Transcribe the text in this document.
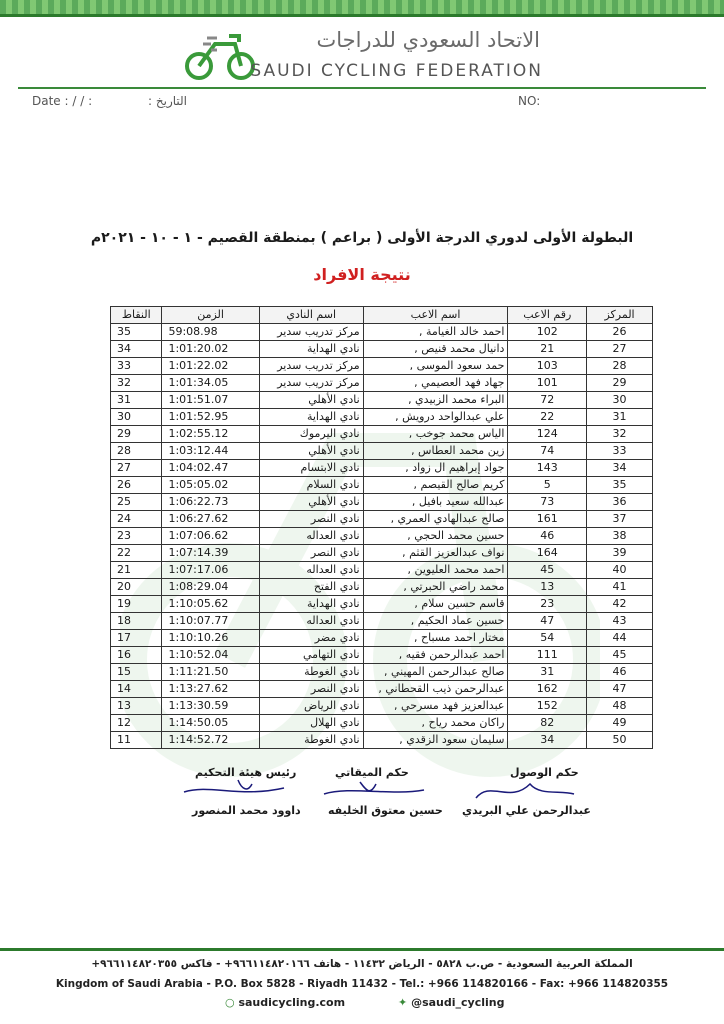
الاتحاد السعودي للدراجات
SAUDI CYCLING FEDERATION
Date : / / :	التاريخ :	NO:
البطولة الأولى لدوري الدرجة الأولى ( براعم ) بمنطقة القصيم - ١ - ١٠ - ٢٠٢١م
نتيجة الافراد
النقاط	الزمن	اسم النادي	اسم الاعب	رقم الاعب	المركز
35	59:08.98	مركز تدريب سدير	احمد خالد الغيامة ,	102	26
34	1:01:20.02	نادي الهداية	دانيال محمد قنيص ,	21	27
33	1:01:22.02	مركز تدريب سدير	حمد سعود الموسى ,	103	28
32	1:01:34.05	مركز تدريب سدير	جهاد فهد العصيمي ,	101	29
31	1:01:51.07	نادي الأهلي	البراء محمد الزبيدي ,	72	30
30	1:01:52.95	نادي الهداية	علي عبدالواحد درويش ,	22	31
29	1:02:55.12	نادي اليرموك	الياس محمد جوخب ,	124	32
28	1:03:12.44	نادي الأهلي	زين محمد العطاس ,	74	33
27	1:04:02.47	نادي الابتسام	جواد إبراهيم ال زواد ,	143	34
26	1:05:05.02	نادي السلام	كريم صالح القيصم ,	5	35
25	1:06:22.73	نادي الأهلي	عبدالله سعيد بافيل ,	73	36
24	1:06:27.62	نادي النصر	صالح عبدالهادي العمري ,	161	37
23	1:07:06.62	نادي العداله	حسين محمد الحجي ,	46	38
22	1:07:14.39	نادي النصر	نواف عبدالعزيز القثم ,	164	39
21	1:07:17.06	نادي العداله	احمد محمد العليوين ,	45	40
20	1:08:29.04	نادي الفتح	محمد راضي الحبرتي ,	13	41
19	1:10:05.62	نادي الهداية	قاسم حسين سلام ,	23	42
18	1:10:07.77	نادي العداله	حسين عماد الحكيم ,	47	43
17	1:10:10.26	نادي مضر	مختار احمد مسباح ,	54	44
16	1:10:52.04	نادي التهامي	احمد عبدالرحمن فقيه ,	111	45
15	1:11:21.50	نادي الغوطة	صالح عبدالرحمن المهيني ,	31	46
14	1:13:27.62	نادي النصر	عبدالرحمن ذيب القحطاني ,	162	47
13	1:13:30.59	نادي الرياض	عبدالعزيز فهد مسرحي ,	152	48
12	1:14:50.05	نادي الهلال	راكان محمد رياح ,	82	49
11	1:14:52.72	نادي الغوطة	سليمان سعود الزقدي ,	34	50
رئيس هيئة التحكيم	حكم الميقاتي	حكم الوصول
داوود محمد المنصور حسين معتوق الخليفه عبدالرحمن علي البريدي
المملكة العربية السعودية - ص.ب ٥٨٢٨ - الرياض ١١٤٣٢ - هاتف ٩٦٦١١٤٨٢٠١٦٦+ - فاكس ٩٦٦١١٤٨٢٠٣٥٥+
Kingdom of Saudi Arabia - P.O. Box 5828 - Riyadh 11432 - Tel.: +966 114820166 - Fax: +966 114820355
○ saudicycling.com	✦ @saudi_cycling
